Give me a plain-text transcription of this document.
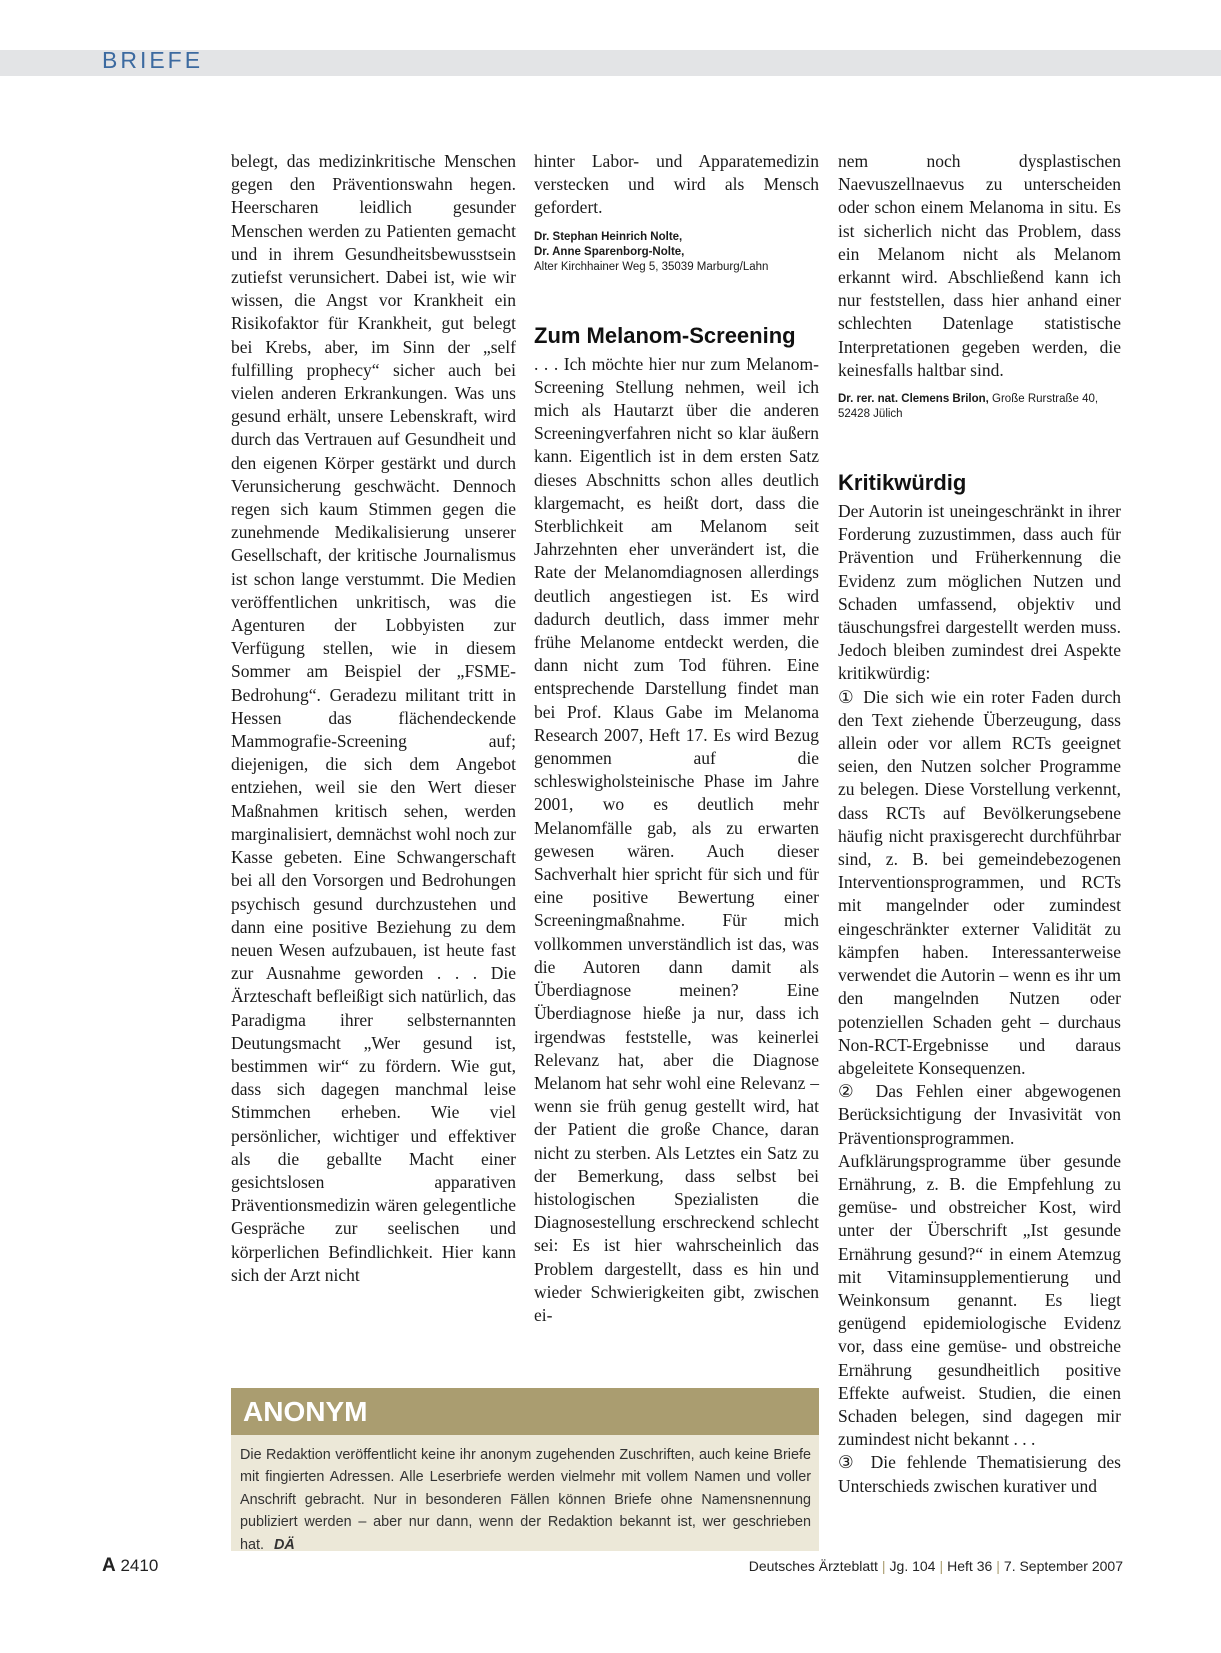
BRIEFE

belegt, das medizinkritische Menschen gegen den Präventionswahn hegen. Heerscharen leidlich gesunder Menschen werden zu Patienten gemacht und in ihrem Gesundheitsbewusstsein zutiefst verunsichert. Dabei ist, wie wir wissen, die Angst vor Krankheit ein Risikofaktor für Krankheit, gut belegt bei Krebs, aber, im Sinn der „self fulfilling prophecy“ sicher auch bei vielen anderen Erkrankungen. Was uns gesund erhält, unsere Lebenskraft, wird durch das Vertrauen auf Gesundheit und den eigenen Körper gestärkt und durch Verunsicherung geschwächt. Dennoch regen sich kaum Stimmen gegen die zunehmende Medikalisierung unserer Gesellschaft, der kritische Journalismus ist schon lange verstummt. Die Medien veröffentlichen unkritisch, was die Agenturen der Lobbyisten zur Verfügung stellen, wie in diesem Sommer am Beispiel der „FSME-Bedrohung“. Geradezu militant tritt in Hessen das flächendeckende Mammografie-Screening auf; diejenigen, die sich dem Angebot entziehen, weil sie den Wert dieser Maßnahmen kritisch sehen, werden marginalisiert, demnächst wohl noch zur Kasse gebeten. Eine Schwangerschaft bei all den Vorsorgen und Bedrohungen psychisch gesund durchzustehen und dann eine positive Beziehung zu dem neuen Wesen aufzubauen, ist heute fast zur Ausnahme geworden . . . Die Ärzteschaft befleißigt sich natürlich, das Paradigma ihrer selbsternannten Deutungsmacht „Wer gesund ist, bestimmen wir“ zu fördern. Wie gut, dass sich dagegen manchmal leise Stimmchen erheben. Wie viel persönlicher, wichtiger und effektiver als die geballte Macht einer gesichtslosen apparativen Präventionsmedizin wären gelegentliche Gespräche zur seelischen und körperlichen Befindlichkeit. Hier kann sich der Arzt nicht

hinter Labor- und Apparatemedizin verstecken und wird als Mensch gefordert.

Dr. Stephan Heinrich Nolte,
Dr. Anne Sparenborg-Nolte,
Alter Kirchhainer Weg 5, 35039 Marburg/Lahn
Zum Melanom-Screening

. . . Ich möchte hier nur zum Melanom-Screening Stellung nehmen, weil ich mich als Hautarzt über die anderen Screeningverfahren nicht so klar äußern kann. Eigentlich ist in dem ersten Satz dieses Abschnitts schon alles deutlich klargemacht, es heißt dort, dass die Sterblichkeit am Melanom seit Jahrzehnten eher unverändert ist, die Rate der Melanomdiagnosen allerdings deutlich angestiegen ist. Es wird dadurch deutlich, dass immer mehr frühe Melanome entdeckt werden, die dann nicht zum Tod führen. Eine entsprechende Darstellung findet man bei Prof. Klaus Gabe im Melanoma Research 2007, Heft 17. Es wird Bezug genommen auf die schleswigholsteinische Phase im Jahre 2001, wo es deutlich mehr Melanomfälle gab, als zu erwarten gewesen wären. Auch dieser Sachverhalt hier spricht für sich und für eine positive Bewertung einer Screeningmaßnahme. Für mich vollkommen unverständlich ist das, was die Autoren dann damit als Überdiagnose meinen? Eine Überdiagnose hieße ja nur, dass ich irgendwas feststelle, was keinerlei Relevanz hat, aber die Diagnose Melanom hat sehr wohl eine Relevanz – wenn sie früh genug gestellt wird, hat der Patient die große Chance, daran nicht zu sterben. Als Letztes ein Satz zu der Bemerkung, dass selbst bei histologischen Spezialisten die Diagnosestellung erschreckend schlecht sei: Es ist hier wahrscheinlich das Problem dargestellt, dass es hin und wieder Schwierigkeiten gibt, zwischen ei-

nem noch dysplastischen Naevuszellnaevus zu unterscheiden oder schon einem Melanoma in situ. Es ist sicherlich nicht das Problem, dass ein Melanom nicht als Melanom erkannt wird. Abschließend kann ich nur feststellen, dass hier anhand einer schlechten Datenlage statistische Interpretationen gegeben werden, die keinesfalls haltbar sind.

Dr. rer. nat. Clemens Brilon, Große Rurstraße 40, 52428 Jülich
Kritikwürdig

Der Autorin ist uneingeschränkt in ihrer Forderung zuzustimmen, dass auch für Prävention und Früherkennung die Evidenz zum möglichen Nutzen und Schaden umfassend, objektiv und täuschungsfrei dargestellt werden muss. Jedoch bleiben zumindest drei Aspekte kritikwürdig:

① Die sich wie ein roter Faden durch den Text ziehende Überzeugung, dass allein oder vor allem RCTs geeignet seien, den Nutzen solcher Programme zu belegen. Diese Vorstellung verkennt, dass RCTs auf Bevölkerungsebene häufig nicht praxisgerecht durchführbar sind, z. B. bei gemeindebezogenen Interventionsprogrammen, und RCTs mit mangelnder oder zumindest eingeschränkter externer Validität zu kämpfen haben. Interessanterweise verwendet die Autorin – wenn es ihr um den mangelnden Nutzen oder potenziellen Schaden geht – durchaus Non-RCT-Ergebnisse und daraus abgeleitete Konsequenzen.

② Das Fehlen einer abgewogenen Berücksichtigung der Invasivität von Präventionsprogrammen. Aufklärungsprogramme über gesunde Ernährung, z. B. die Empfehlung zu gemüse- und obstreicher Kost, wird unter der Überschrift „Ist gesunde Ernährung gesund?“ in einem Atemzug mit Vitaminsupplementierung und Weinkonsum genannt. Es liegt genügend epidemiologische Evidenz vor, dass eine gemüse- und obstreiche Ernährung gesundheitlich positive Effekte aufweist. Studien, die einen Schaden belegen, sind dagegen mir zumindest nicht bekannt . . .

③ Die fehlende Thematisierung des Unterschieds zwischen kurativer und

ANONYM
Die Redaktion veröffentlicht keine ihr anonym zugehenden Zuschriften, auch keine Briefe mit fingierten Adressen. Alle Leserbriefe werden vielmehr mit vollem Namen und voller Anschrift gebracht. Nur in besonderen Fällen können Briefe ohne Namensnennung publiziert werden – aber nur dann, wenn der Redaktion bekannt ist, wer geschrieben hat. DÄ
A 2410	Deutsches Ärzteblatt | Jg. 104 | Heft 36 | 7. September 2007
